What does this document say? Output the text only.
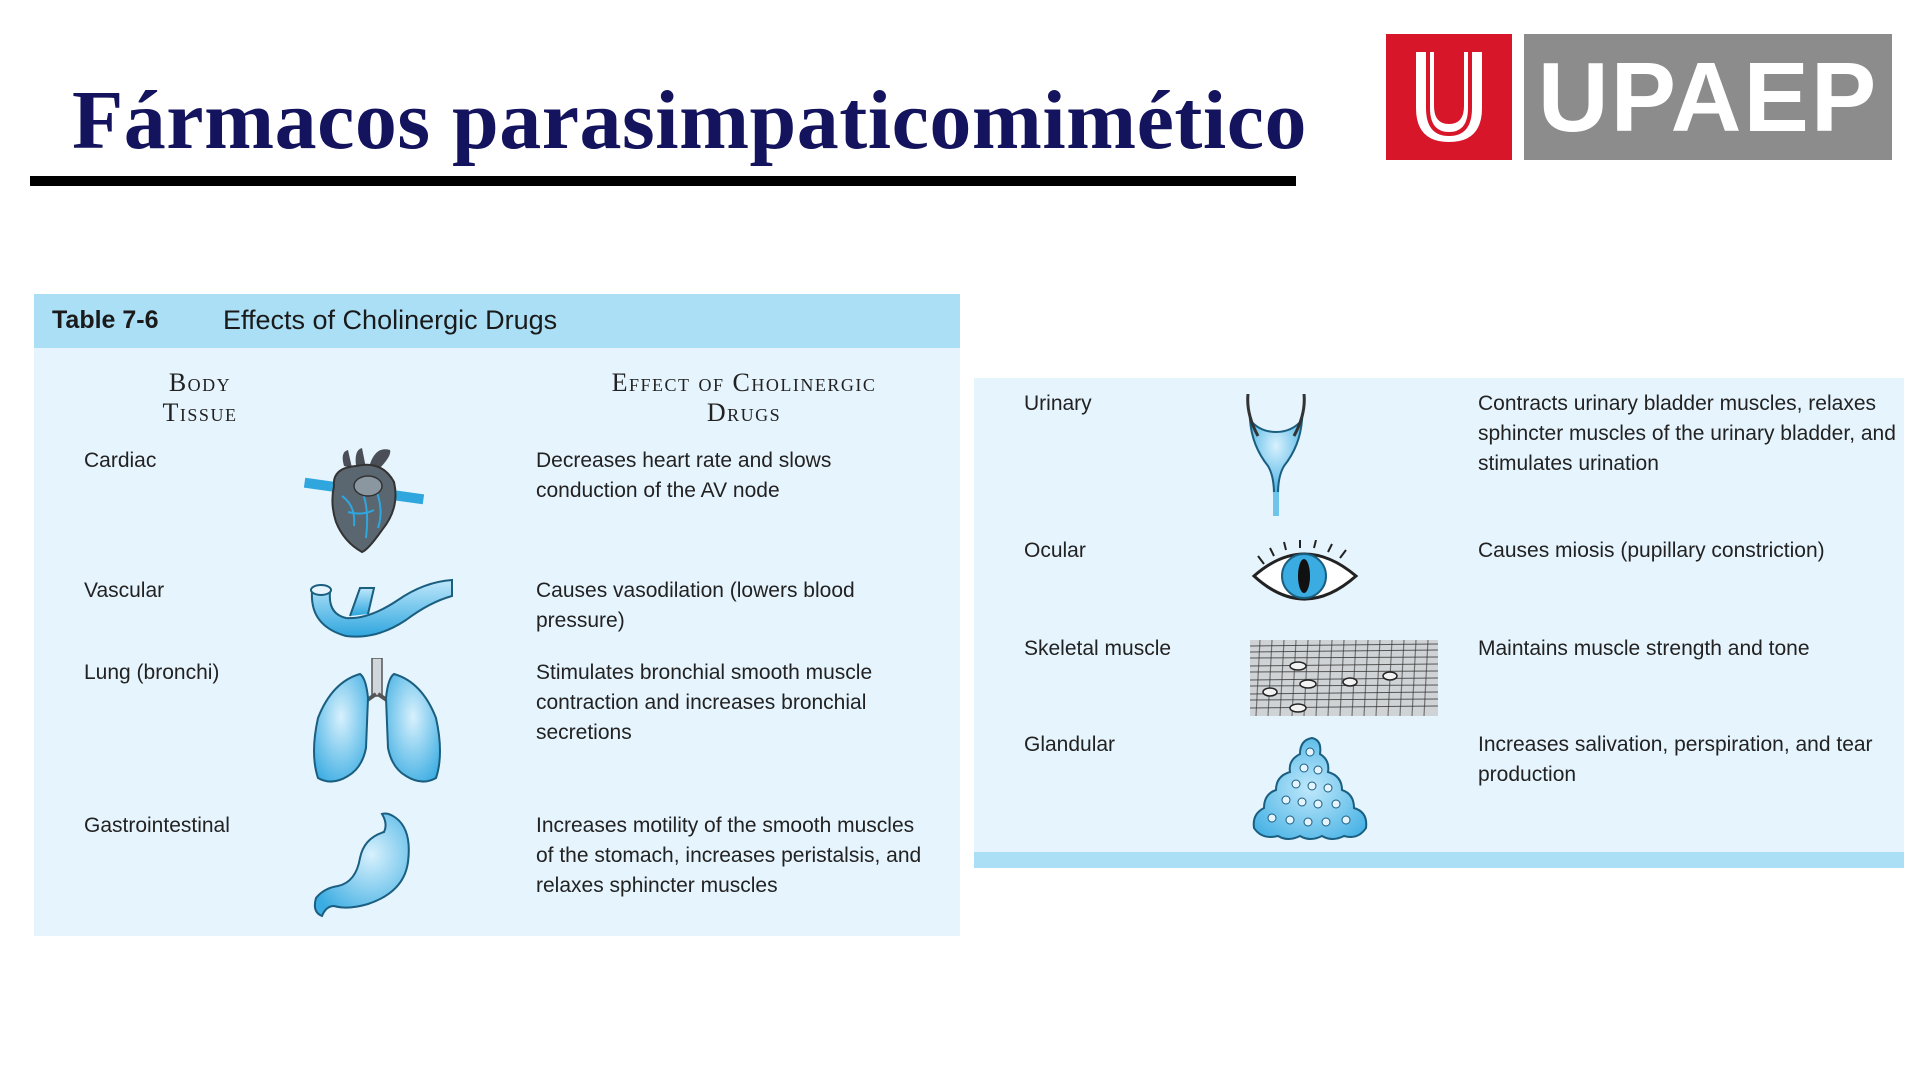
Fármacos parasimpaticomimético UPAEP
Table 7-6 Effects of Cholinergic Drugs
Body
Tissue
Effect of Cholinergic
Drugs
Cardiac	Decreases heart rate and slows conduction of the AV node
Vascular	Causes vasodilation (lowers blood pressure)
Lung (bronchi)	Stimulates bronchial smooth muscle contraction and increases bronchial secretions
Gastrointestinal	Increases motility of the smooth muscles of the stomach, increases peristalsis, and relaxes sphincter muscles
Urinary	Contracts urinary bladder muscles, relaxes sphincter muscles of the urinary bladder, and stimulates urination
Ocular	Causes miosis (pupillary constriction)
Skeletal muscle	Maintains muscle strength and tone
Glandular	Increases salivation, perspiration, and tear production
